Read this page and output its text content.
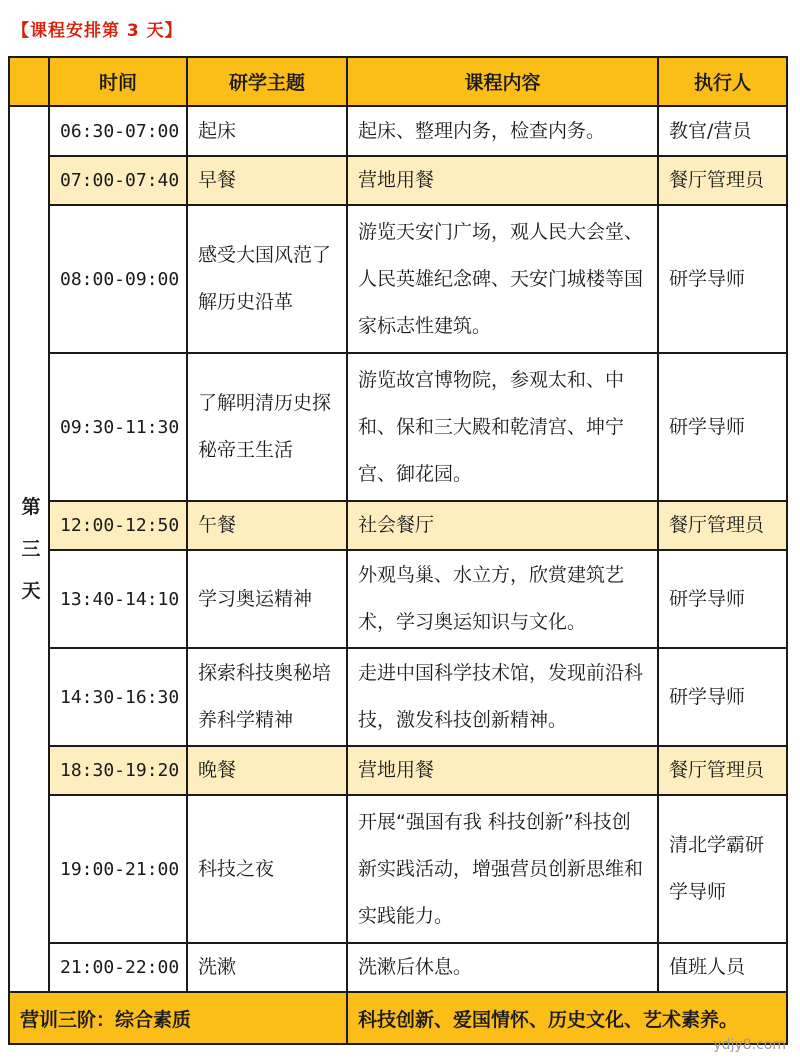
【课程安排第 3 天】
	时间	研学主题	课程内容	执行人

第三天	06:30-07:00	起床	起床、整理内务，检查内务。	教官/营员
	07:00-07:40	早餐	营地用餐	餐厅管理员
	08:00-09:00	感受大国风范了解历史沿革	游览天安门广场，观人民大会堂、人民英雄纪念碑、天安门城楼等国家标志性建筑。	研学导师
	09:30-11:30	了解明清历史探秘帝王生活	游览故宫博物院，参观太和、中和、保和三大殿和乾清宫、坤宁宫、御花园。	研学导师
	12:00-12:50	午餐	社会餐厅	餐厅管理员
	13:40-14:10	学习奥运精神	外观鸟巢、水立方，欣赏建筑艺术，学习奥运知识与文化。	研学导师
	14:30-16:30	探索科技奥秘培养科学精神	走进中国科学技术馆，发现前沿科技，激发科技创新精神。	研学导师
	18:30-19:20	晚餐	营地用餐	餐厅管理员
	19:00-21:00	科技之夜	开展“强国有我 科技创新”科技创新实践活动，增强营员创新思维和实践能力。	清北学霸研学导师
	21:00-22:00	洗漱	洗漱后休息。	值班人员
营训三阶：综合素质			科技创新、爱国情怀、历史文化、艺术素养。	
ydjy8.com
